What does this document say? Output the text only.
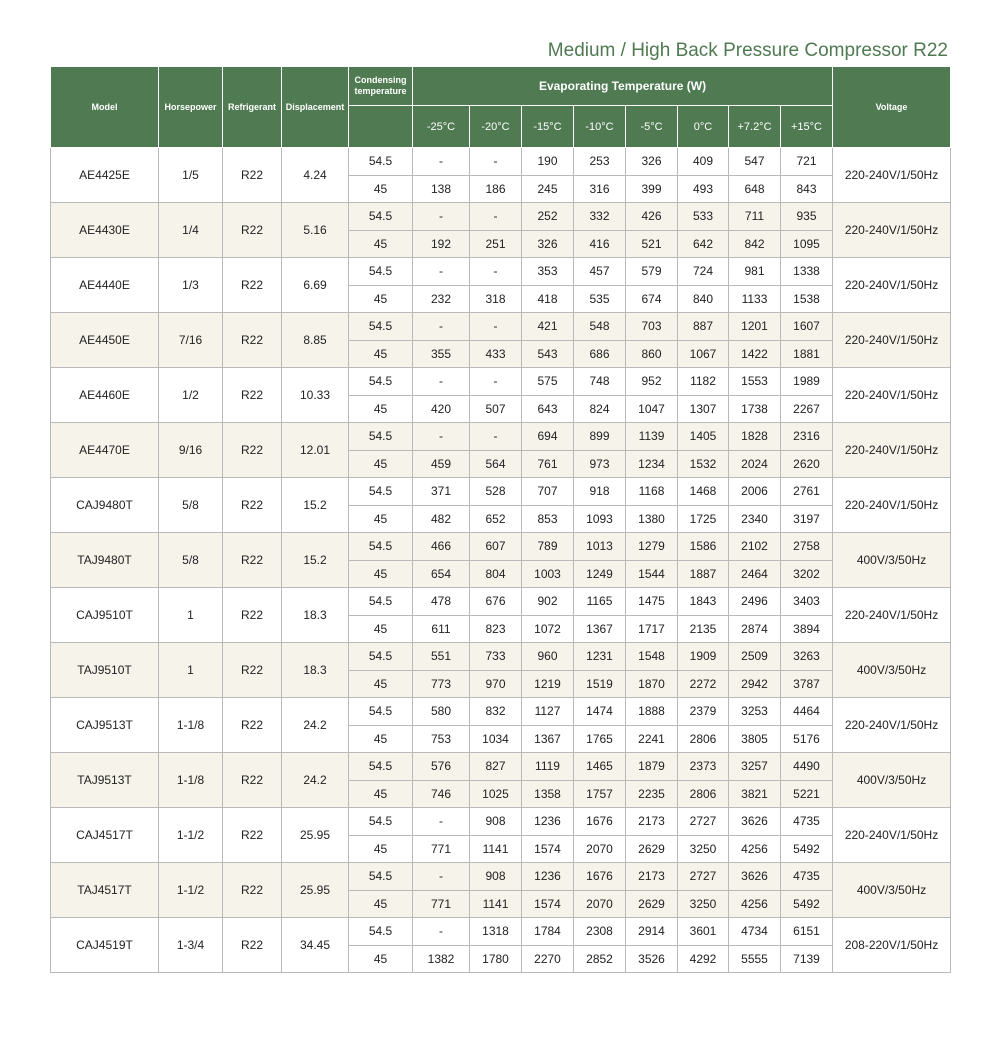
Medium / High Back Pressure Compressor R22
Model	Horsepower	Refrigerant	Displacement	Condensing
temperature	Evaporating Temperature (W)								Voltage
					-25°C	-20°C	-15°C	-10°C	-5°C	0°C	+7.2°C	+15°C	
AE4425E	1/5	R22	4.24	54.5	-	-	190	253	326	409	547	721	220-240V/1/50Hz
				45	138	186	245	316	399	493	648	843	
AE4430E	1/4	R22	5.16	54.5	-	-	252	332	426	533	711	935	220-240V/1/50Hz
				45	192	251	326	416	521	642	842	1095	
AE4440E	1/3	R22	6.69	54.5	-	-	353	457	579	724	981	1338	220-240V/1/50Hz
				45	232	318	418	535	674	840	1133	1538	
AE4450E	7/16	R22	8.85	54.5	-	-	421	548	703	887	1201	1607	220-240V/1/50Hz
				45	355	433	543	686	860	1067	1422	1881	
AE4460E	1/2	R22	10.33	54.5	-	-	575	748	952	1182	1553	1989	220-240V/1/50Hz
				45	420	507	643	824	1047	1307	1738	2267	
AE4470E	9/16	R22	12.01	54.5	-	-	694	899	1139	1405	1828	2316	220-240V/1/50Hz
				45	459	564	761	973	1234	1532	2024	2620	
CAJ9480T	5/8	R22	15.2	54.5	371	528	707	918	1168	1468	2006	2761	220-240V/1/50Hz
				45	482	652	853	1093	1380	1725	2340	3197	
TAJ9480T	5/8	R22	15.2	54.5	466	607	789	1013	1279	1586	2102	2758	400V/3/50Hz
				45	654	804	1003	1249	1544	1887	2464	3202	
CAJ9510T	1	R22	18.3	54.5	478	676	902	1165	1475	1843	2496	3403	220-240V/1/50Hz
				45	611	823	1072	1367	1717	2135	2874	3894	
TAJ9510T	1	R22	18.3	54.5	551	733	960	1231	1548	1909	2509	3263	400V/3/50Hz
				45	773	970	1219	1519	1870	2272	2942	3787	
CAJ9513T	1-1/8	R22	24.2	54.5	580	832	1127	1474	1888	2379	3253	4464	220-240V/1/50Hz
				45	753	1034	1367	1765	2241	2806	3805	5176	
TAJ9513T	1-1/8	R22	24.2	54.5	576	827	1119	1465	1879	2373	3257	4490	400V/3/50Hz
				45	746	1025	1358	1757	2235	2806	3821	5221	
CAJ4517T	1-1/2	R22	25.95	54.5	-	908	1236	1676	2173	2727	3626	4735	220-240V/1/50Hz
				45	771	1141	1574	2070	2629	3250	4256	5492	
TAJ4517T	1-1/2	R22	25.95	54.5	-	908	1236	1676	2173	2727	3626	4735	400V/3/50Hz
				45	771	1141	1574	2070	2629	3250	4256	5492	
CAJ4519T	1-3/4	R22	34.45	54.5	-	1318	1784	2308	2914	3601	4734	6151	208-220V/1/50Hz
				45	1382	1780	2270	2852	3526	4292	5555	7139	
